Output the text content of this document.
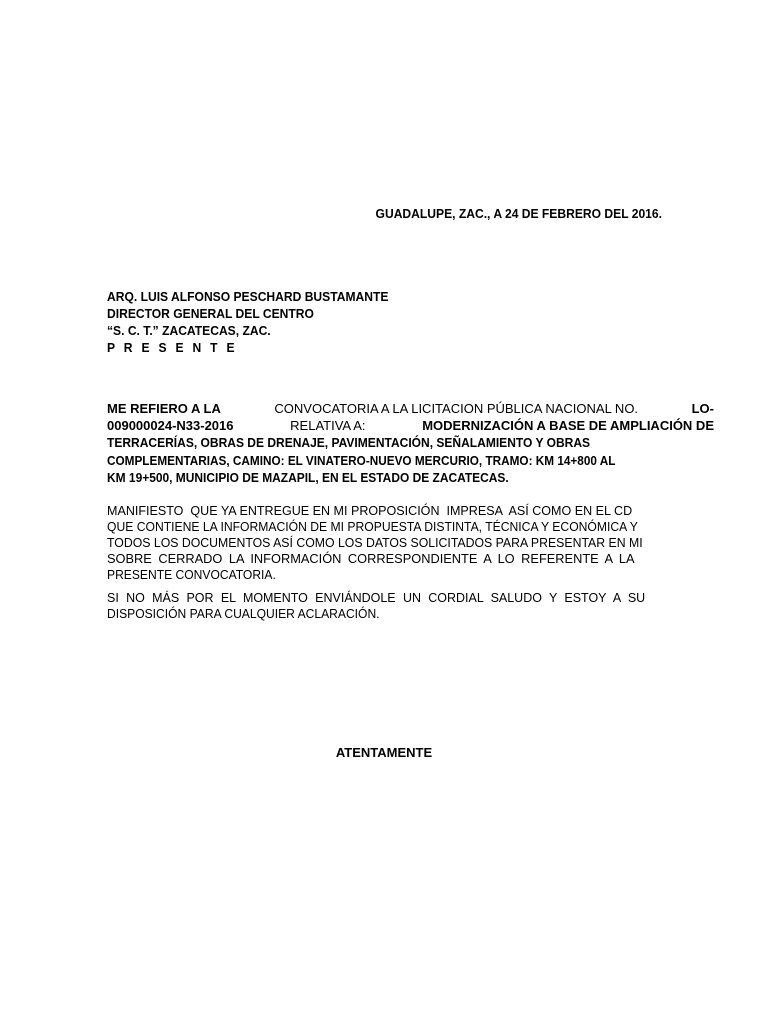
GUADALUPE, ZAC., A 24 DE FEBRERO DEL 2016.
ARQ. LUIS ALFONSO PESCHARD BUSTAMANTE
DIRECTOR GENERAL DEL CENTRO
“S. C. T.” ZACATECAS, ZAC.
P R E S E N T E
ME REFIERO A LA	CONVOCATORIA A LA LICITACION PÚBLICA NACIONAL NO.	LO-
009000024-N33-2016	RELATIVA A:	MODERNIZACIÓN A BASE DE AMPLIACIÓN DE
TERRACERÍAS, OBRAS DE DRENAJE, PAVIMENTACIÓN, SEÑALAMIENTO Y OBRAS
COMPLEMENTARIAS, CAMINO: EL VINATERO-NUEVO MERCURIO, TRAMO: KM 14+800 AL
KM 19+500, MUNICIPIO DE MAZAPIL, EN EL ESTADO DE ZACATECAS.
MANIFIESTO  QUE YA ENTREGUE EN MI PROPOSICIÓN  IMPRESA  ASÍ COMO EN EL CD
QUE CONTIENE LA INFORMACIÓN DE MI PROPUESTA DISTINTA, TÉCNICA Y ECONÓMICA Y
TODOS LOS DOCUMENTOS ASÍ COMO LOS DATOS SOLICITADOS PARA PRESENTAR EN MI
SOBRE CERRADO LA INFORMACIÓN CORRESPONDIENTE A LO REFERENTE A LA
PRESENTE CONVOCATORIA.
SI NO MÁS POR EL MOMENTO ENVIÁNDOLE UN CORDIAL SALUDO Y ESTOY A SU
DISPOSICIÓN PARA CUALQUIER ACLARACIÓN.
ATENTAMENTE
